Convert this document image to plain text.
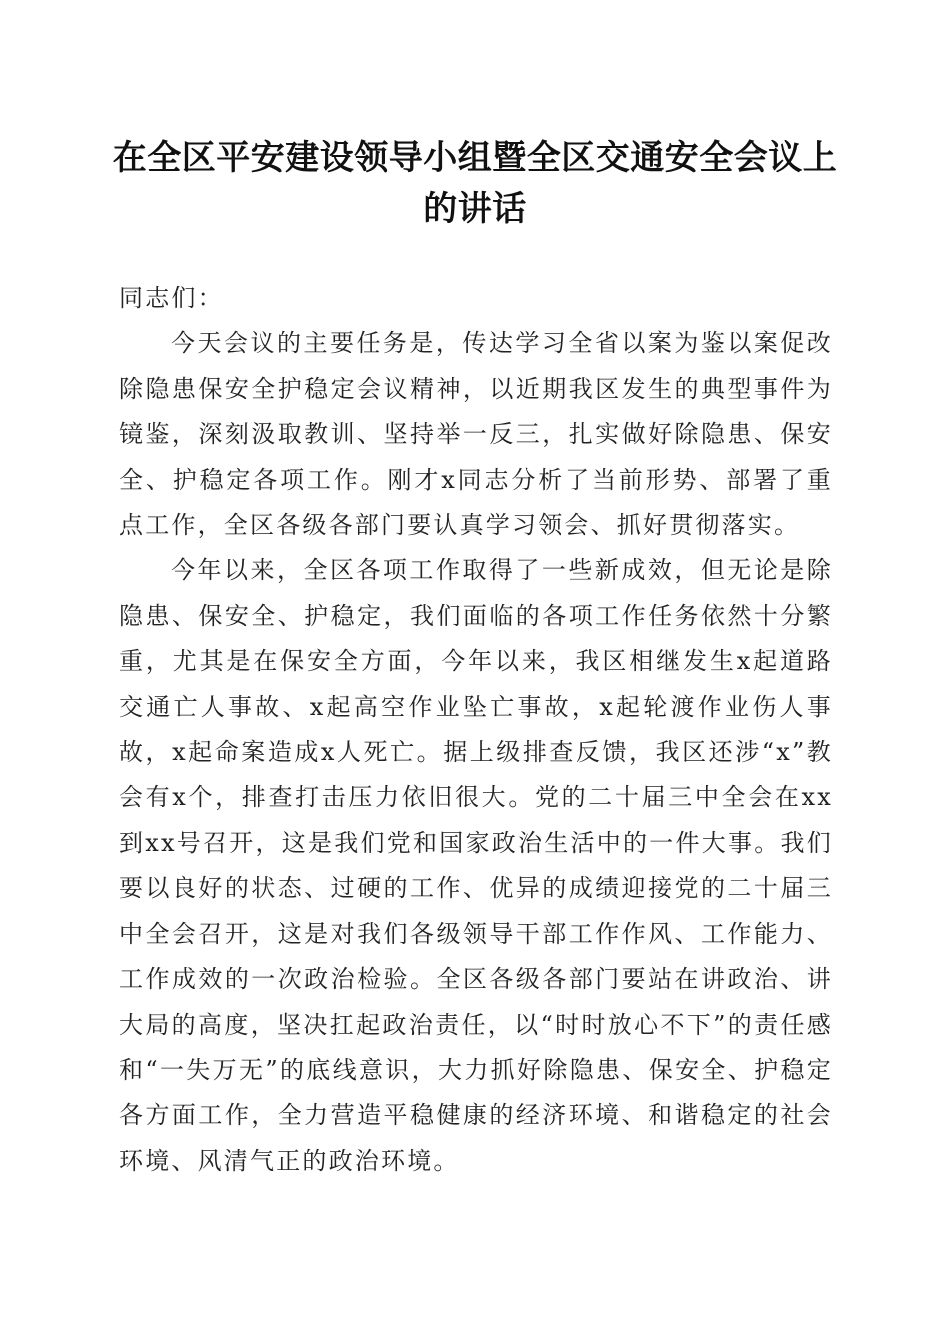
在全区平安建设领导小组暨全区交通安全会议上的讲话

同志们：

今天会议的主要任务是，传达学习全省以案为鉴以案促改除隐患保安全护稳定会议精神，以近期我区发生的典型事件为镜鉴，深刻汲取教训、坚持举一反三，扎实做好除隐患、保安全、护稳定各项工作。刚才x同志分析了当前形势、部署了重点工作，全区各级各部门要认真学习领会、抓好贯彻落实。

今年以来，全区各项工作取得了一些新成效，但无论是除隐患、保安全、护稳定，我们面临的各项工作任务依然十分繁重，尤其是在保安全方面，今年以来，我区相继发生x起道路交通亡人事故、x起高空作业坠亡事故，x起轮渡作业伤人事故，x起命案造成x人死亡。据上级排查反馈，我区还涉“x”教会有x个，排查打击压力依旧很大。党的二十届三中全会在xx到xx号召开，这是我们党和国家政治生活中的一件大事。我们要以良好的状态、过硬的工作、优异的成绩迎接党的二十届三中全会召开，这是对我们各级领导干部工作作风、工作能力、工作成效的一次政治检验。全区各级各部门要站在讲政治、讲大局的高度，坚决扛起政治责任，以“时时放心不下”的责任感和“一失万无”的底线意识，大力抓好除隐患、保安全、护稳定各方面工作，全力营造平稳健康的经济环境、和谐稳定的社会环境、风清气正的政治环境。
